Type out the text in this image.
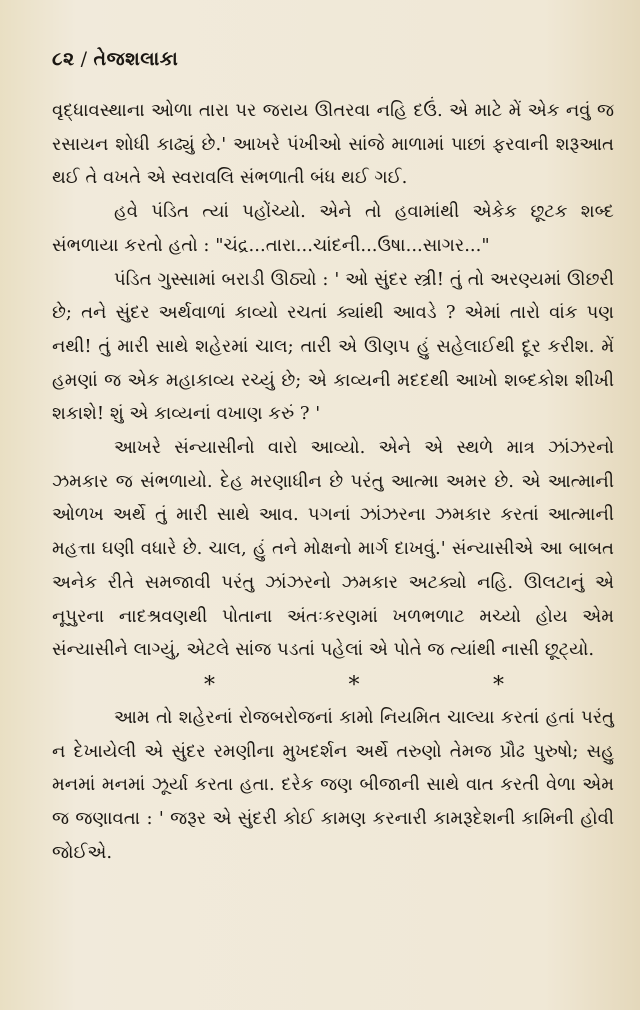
૮૨ / તેજશલાકા

વૃદ્ધાવસ્થાના ઓળા તારા પર જરાય ઊતરવા નહિ દઉં. એ માટે મેં એક નવું જ રસાયન શોધી કાઢ્યું છે.' આખરે પંખીઓ સાંજે માળામાં પાછાં ફરવાની શરૂઆત થઈ તે વખતે એ સ્વરાવલિ સંભળાતી બંધ થઈ ગઈ.

હવે પંડિત ત્યાં પહોંચ્યો. એને તો હવામાંથી એકેક છૂટક શબ્દ સંભળાયા કરતો હતો : "ચંદ્ર...તારા...ચાંદની...ઉષા...સાગર..."

પંડિત ગુસ્સામાં બરાડી ઊઠ્યો : ' ઓ સુંદર સ્ત્રી! તું તો અરણ્યમાં ઊછરી છે; તને સુંદર અર્થવાળાં કાવ્યો રચતાં ક્યાંથી આવડે ? એમાં તારો વાંક પણ નથી! તું મારી સાથે શહેરમાં ચાલ; તારી એ ઊણપ હું સહેલાઈથી દૂર કરીશ. મેં હમણાં જ એક મહાકાવ્ય રચ્યું છે; એ કાવ્યની મદદથી આખો શબ્દકોશ શીખી શકાશે! શું એ કાવ્યનાં વખાણ કરું ? '

આખરે સંન્યાસીનો વારો આવ્યો. એને એ સ્થળે માત્ર ઝાંઝરનો ઝમકાર જ સંભળાયો. દેહ મરણાધીન છે પરંતુ આત્મા અમર છે. એ આત્માની ઓળખ અર્થે તું મારી સાથે આવ. પગનાં ઝાંઝરના ઝમકાર કરતાં આત્માની મહત્તા ઘણી વધારે છે. ચાલ, હું તને મોક્ષનો માર્ગ દાખવું.' સંન્યાસીએ આ બાબત અનેક રીતે સમજાવી પરંતુ ઝાંઝરનો ઝમકાર અટક્યો નહિ. ઊલટાનું એ નૂપુરના નાદશ્રવણથી પોતાના અંતઃકરણમાં ખળભળાટ મચ્યો હોય એમ સંન્યાસીને લાગ્યું, એટલે સાંજ પડતાં પહેલાં એ પોતે જ ત્યાંથી નાસી છૂટ્યો.

*	*	*

આમ તો શહેરનાં રોજબરોજનાં કામો નિયમિત ચાલ્યા કરતાં હતાં પરંતુ ન દેખાયેલી એ સુંદર રમણીના મુખદર્શન અર્થે તરુણો તેમજ પ્રૌઢ પુરુષો; સહુ મનમાં મનમાં ઝૂર્યા કરતા હતા. દરેક જણ બીજાની સાથે વાત કરતી વેળા એમ જ જણાવતા : ' જરૂર એ સુંદરી કોઈ કામણ કરનારી કામરૂદેશની કામિની હોવી જોઈએ.
